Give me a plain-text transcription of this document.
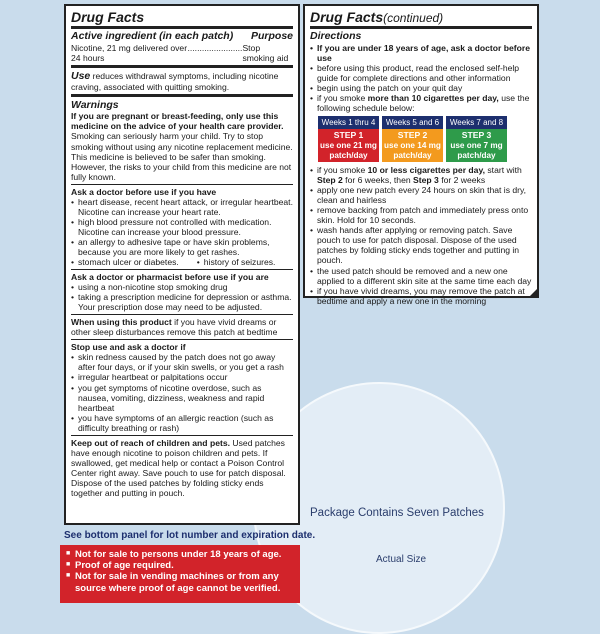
Drug Facts
Active ingredient (in each patch) Purpose
Nicotine, 21 mg delivered over 24 hours
....................... Stop smoking aid
Use reduces withdrawal symptoms, including nicotine craving, associated with quitting smoking.
Warnings
If you are pregnant or breast-feeding, only use this medicine on the advice of your health care provider. Smoking can seriously harm your child. Try to stop smoking without using any nicotine replacement medicine. This medicine is believed to be safer than smoking. However, the risks to your child from this medicine are not fully known.
Ask a doctor before use if you have
• heart disease, recent heart attack, or irregular heartbeat. Nicotine can increase your heart rate.
• high blood pressure not controlled with medication. Nicotine can increase your blood pressure.
• an allergy to adhesive tape or have skin problems, because you are more likely to get rashes.
• stomach ulcer or diabetes.
•	history of seizures.
Ask a doctor or pharmacist before use if you are
• using a non-nicotine stop smoking drug
• taking a prescription medicine for depression or asthma. Your prescription dose may need to be adjusted.
When using this product if you have vivid dreams or other sleep disturbances remove this patch at bedtime
Stop use and ask a doctor if
• skin redness caused by the patch does not go away after four days, or if your skin swells, or you get a rash
• irregular heartbeat or palpitations occur
• you get symptoms of nicotine overdose, such as nausea, vomiting, dizziness, weakness and rapid heartbeat
• you have symptoms of an allergic reaction (such as difficulty breathing or rash)
Keep out of reach of children and pets. Used patches have enough nicotine to poison children and pets. If swallowed, get medical help or contact a Poison Control Center right away. Save pouch to use for patch disposal. Dispose of the used patches by folding sticky ends together and putting in pouch.
Drug Facts(continued)
Directions
• If you are under 18 years of age, ask a doctor before use
• before using this product, read the enclosed self-help guide for complete directions and other information
• begin using the patch on your quit day
• if you smoke more than 10 cigarettes per day, use the following schedule below:
Weeks 1 thru 4
STEP 1
use one 21 mg patch/day
Weeks 5 and 6
STEP 2
use one 14 mg patch/day
Weeks 7 and 8
STEP 3
use one 7 mg patch/day
• if you smoke 10 or less cigarettes per day, start with Step 2 for 6 weeks, then Step 3 for 2 weeks
• apply one new patch every 24 hours on skin that is dry, clean and hairless
• remove backing from patch and immediately press onto skin. Hold for 10 seconds.
• wash hands after applying or removing patch. Save pouch to use for patch disposal. Dispose of the used patches by folding sticky ends together and putting in pouch.
• the used patch should be removed and a new one applied to a different skin site at the same time each day
• if you have vivid dreams, you may remove the patch at bedtime and apply a new one in the morning
Package Contains Seven Patches
Actual Size
See bottom panel for lot number and expiration date.
■ Not for sale to persons under 18 years of age.
■ Proof of age required.
■ Not for sale in vending machines or from any source where proof of age cannot be verified.
